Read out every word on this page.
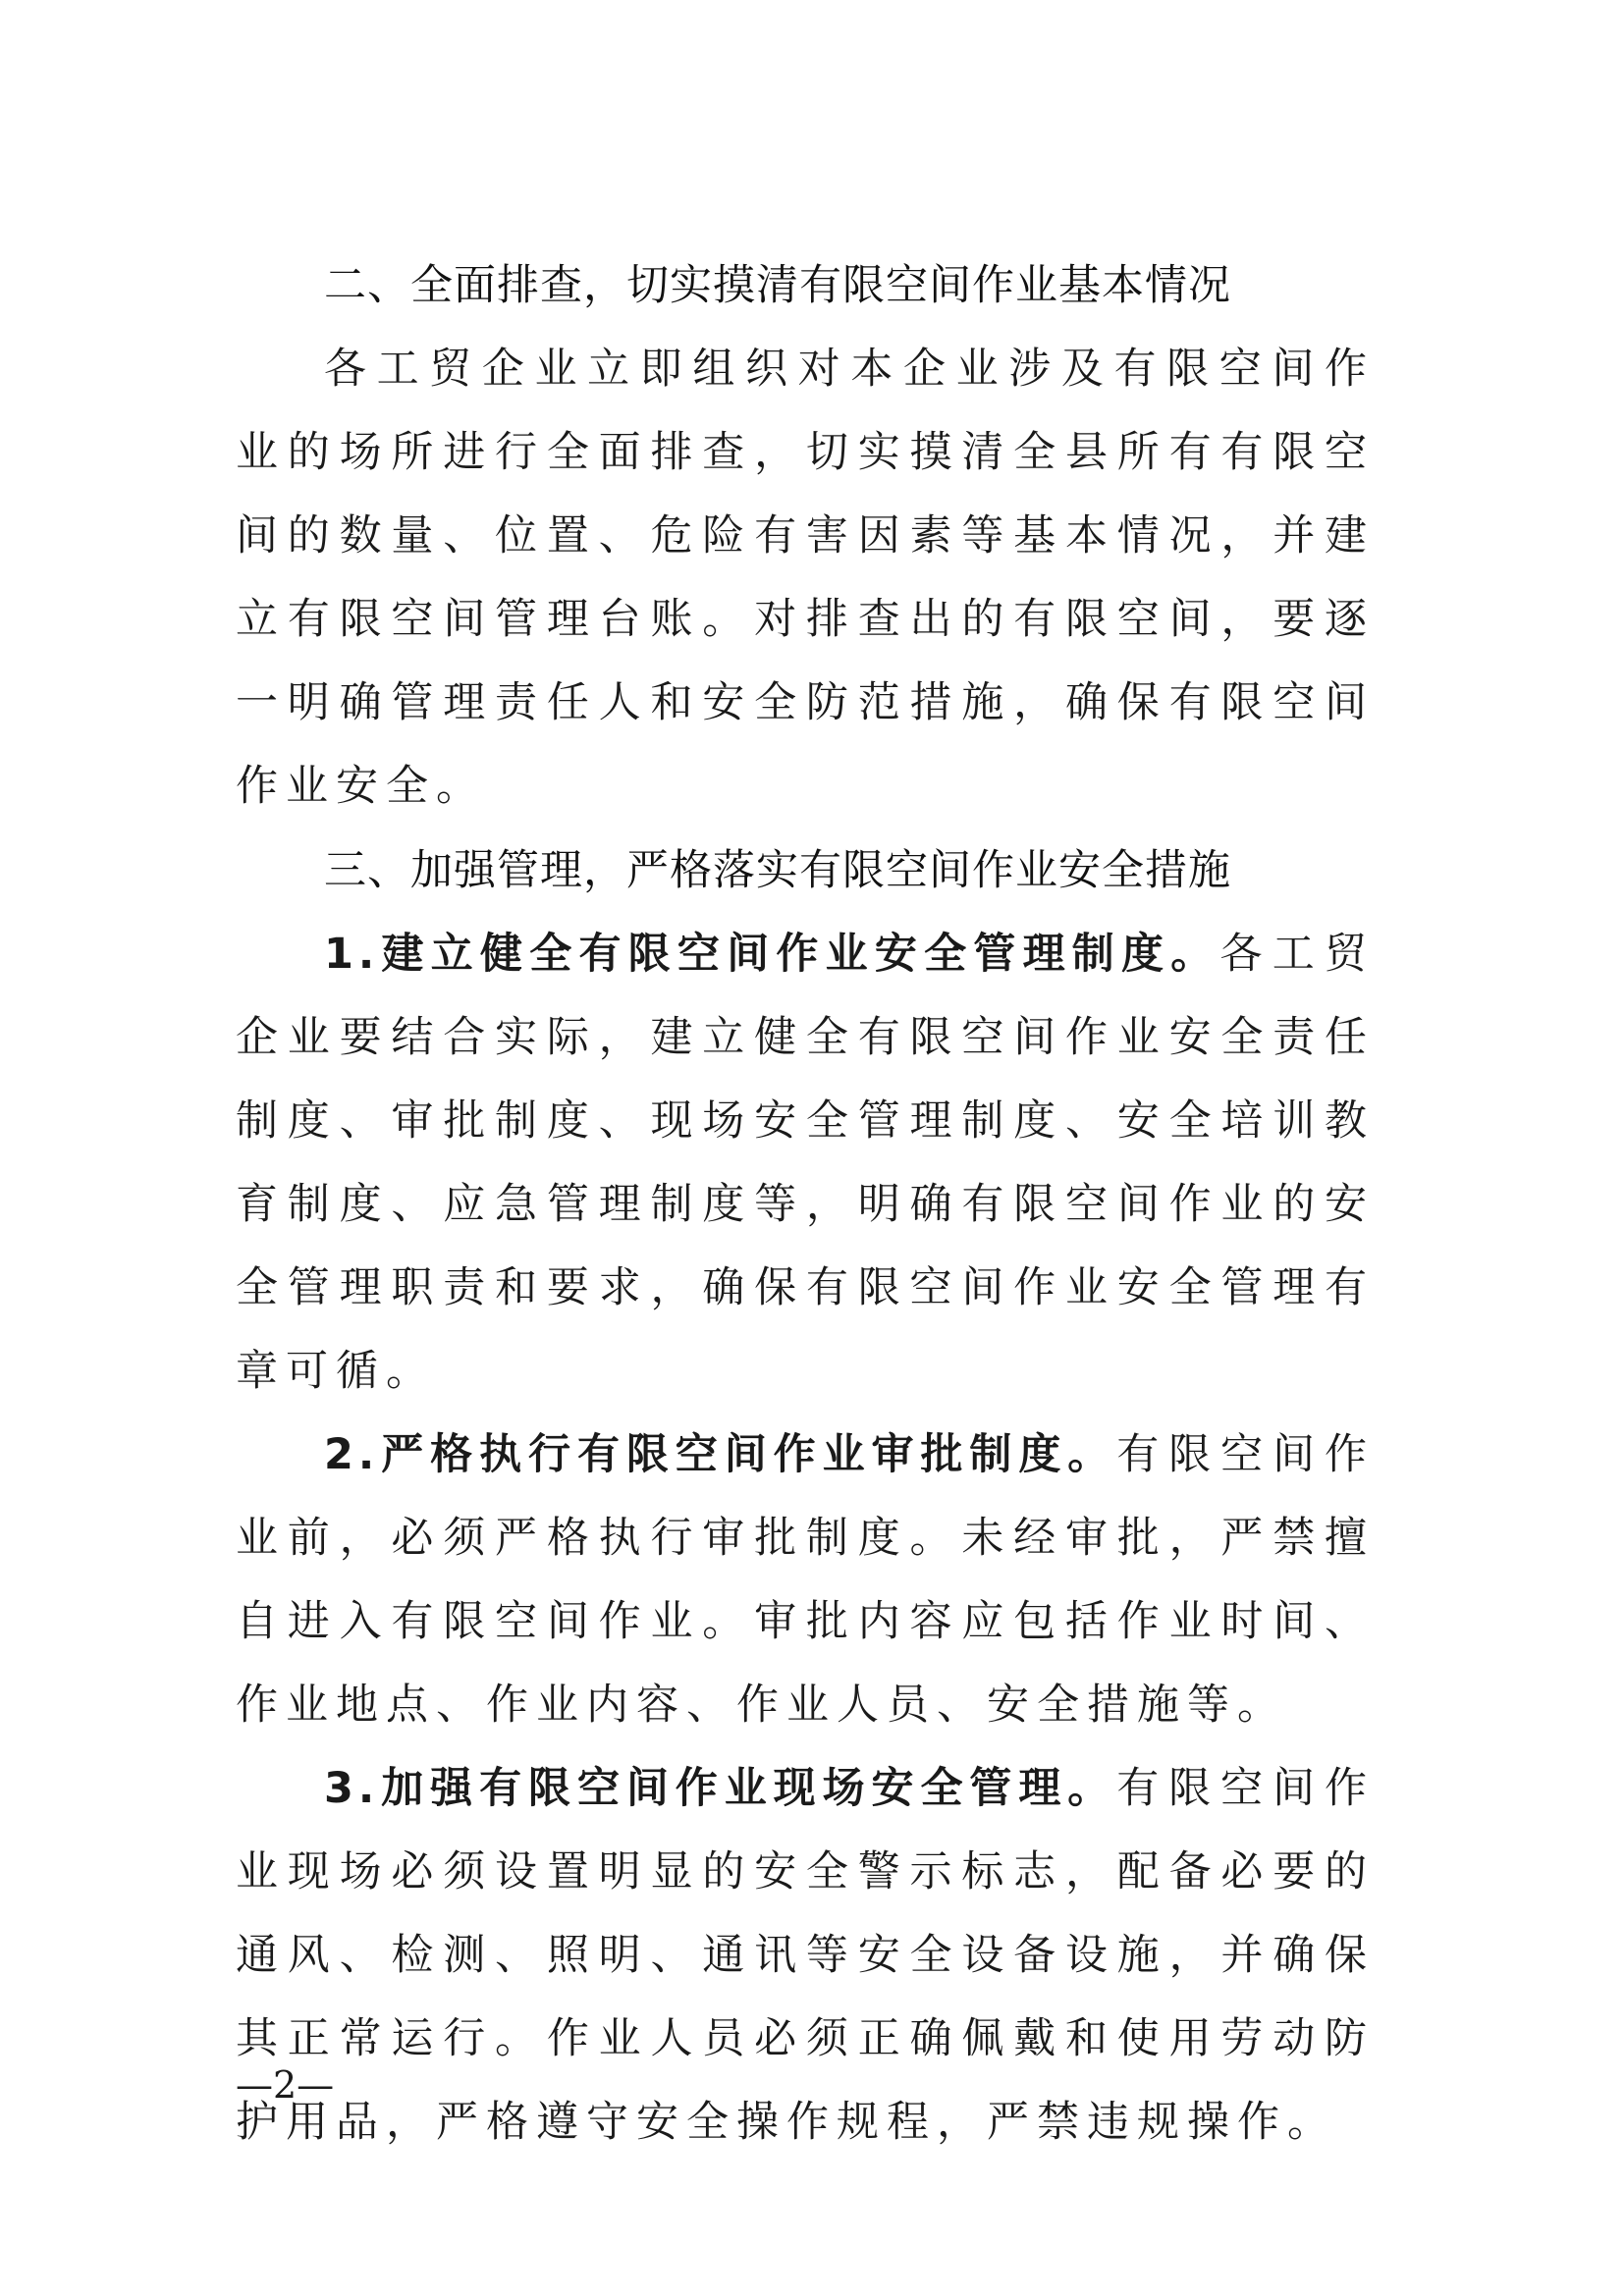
二、全面排查，切实摸清有限空间作业基本情况

各工贸企业立即组织对本企业涉及有限空间作业的场所进行全面排查，切实摸清全县所有有限空间的数量、位置、危险有害因素等基本情况，并建立有限空间管理台账。对排查出的有限空间，要逐一明确管理责任人和安全防范措施，确保有限空间作业安全。

三、加强管理，严格落实有限空间作业安全措施

1.建立健全有限空间作业安全管理制度。各工贸企业要结合实际，建立健全有限空间作业安全责任制度、审批制度、现场安全管理制度、安全培训教育制度、应急管理制度等，明确有限空间作业的安全管理职责和要求，确保有限空间作业安全管理有章可循。

2.严格执行有限空间作业审批制度。有限空间作业前，必须严格执行审批制度。未经审批，严禁擅自进入有限空间作业。审批内容应包括作业时间、作业地点、作业内容、作业人员、安全措施等。

3.加强有限空间作业现场安全管理。有限空间作业现场必须设置明显的安全警示标志，配备必要的通风、检测、照明、通讯等安全设备设施，并确保其正常运行。作业人员必须正确佩戴和使用劳动防护用品，严格遵守安全操作规程，严禁违规操作。

—2—
